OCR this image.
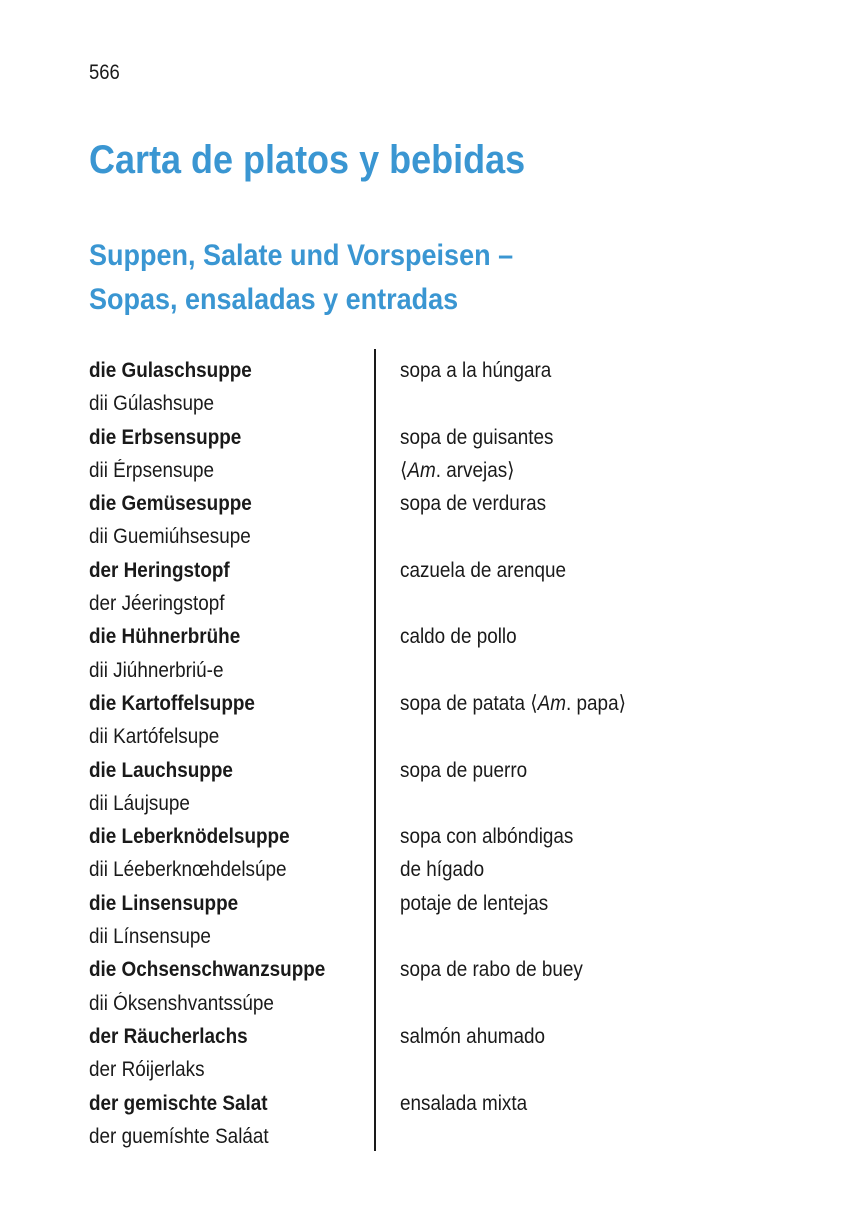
566
Carta de platos y bebidas
Suppen, Salate und Vorspeisen –
Sopas, ensaladas y entradas
die Gulaschsuppe
dii Gúlashsupe
sopa a la húngara
die Erbsensuppe
dii Érpsensupe
sopa de guisantes
⟨Am. arvejas⟩
die Gemüsesuppe
dii Guemiúhsesupe
sopa de verduras
der Heringstopf
der Jéeringstopf
cazuela de arenque
die Hühnerbrühe
dii Jiúhnerbriú-e
caldo de pollo
die Kartoffelsuppe
dii Kartófelsupe
sopa de patata ⟨Am. papa⟩
die Lauchsuppe
dii Láujsupe
sopa de puerro
die Leberknödelsuppe
dii Léeberknœhdelsúpe
sopa con albóndigas
de hígado
die Linsensuppe
dii Línsensupe
potaje de lentejas
die Ochsenschwanzsuppe
dii Óksenshvantssúpe
sopa de rabo de buey
der Räucherlachs
der Róijerlaks
salmón ahumado
der gemischte Salat
der guemíshte Saláat
ensalada mixta
